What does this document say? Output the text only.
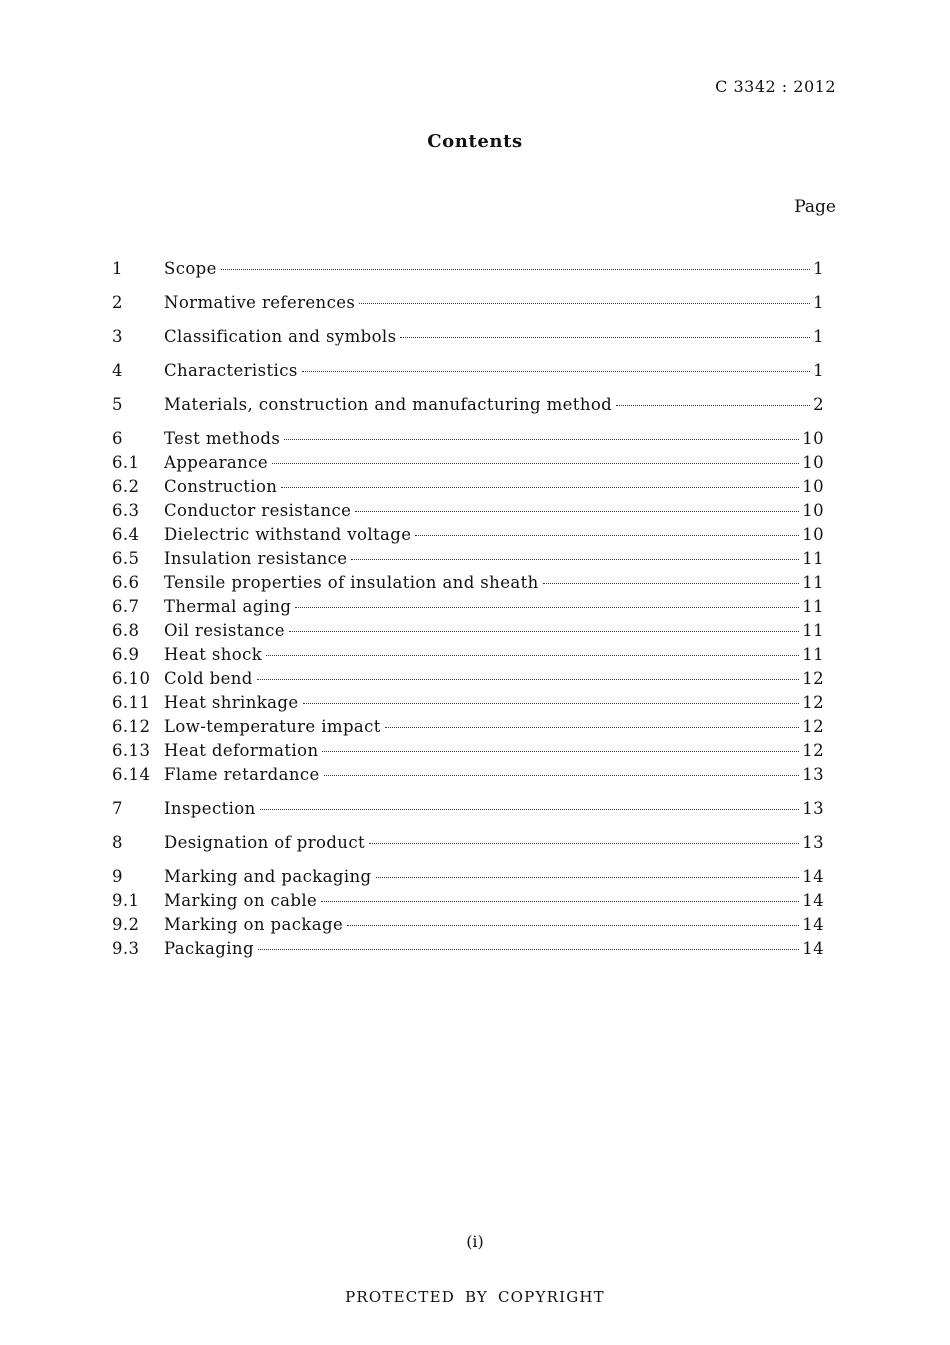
C 3342 : 2012

Contents

Page

1	Scope	1
2	Normative references	1
3	Classification and symbols	1
4	Characteristics	1
5	Materials, construction and manufacturing method	2
6	Test methods	10
6.1	Appearance	10
6.2	Construction	10
6.3	Conductor resistance	10
6.4	Dielectric withstand voltage	10
6.5	Insulation resistance	11
6.6	Tensile properties of insulation and sheath	11
6.7	Thermal aging	11
6.8	Oil resistance	11
6.9	Heat shock	11
6.10 Cold bend	12
6.11 Heat shrinkage	12
6.12 Low-temperature impact	12
6.13 Heat deformation	12
6.14 Flame retardance	13
7	Inspection	13
8	Designation of product	13
9	Marking and packaging	14
9.1	Marking on cable	14
9.2	Marking on package	14
9.3	Packaging	14

(i)

PROTECTED BY COPYRIGHT
